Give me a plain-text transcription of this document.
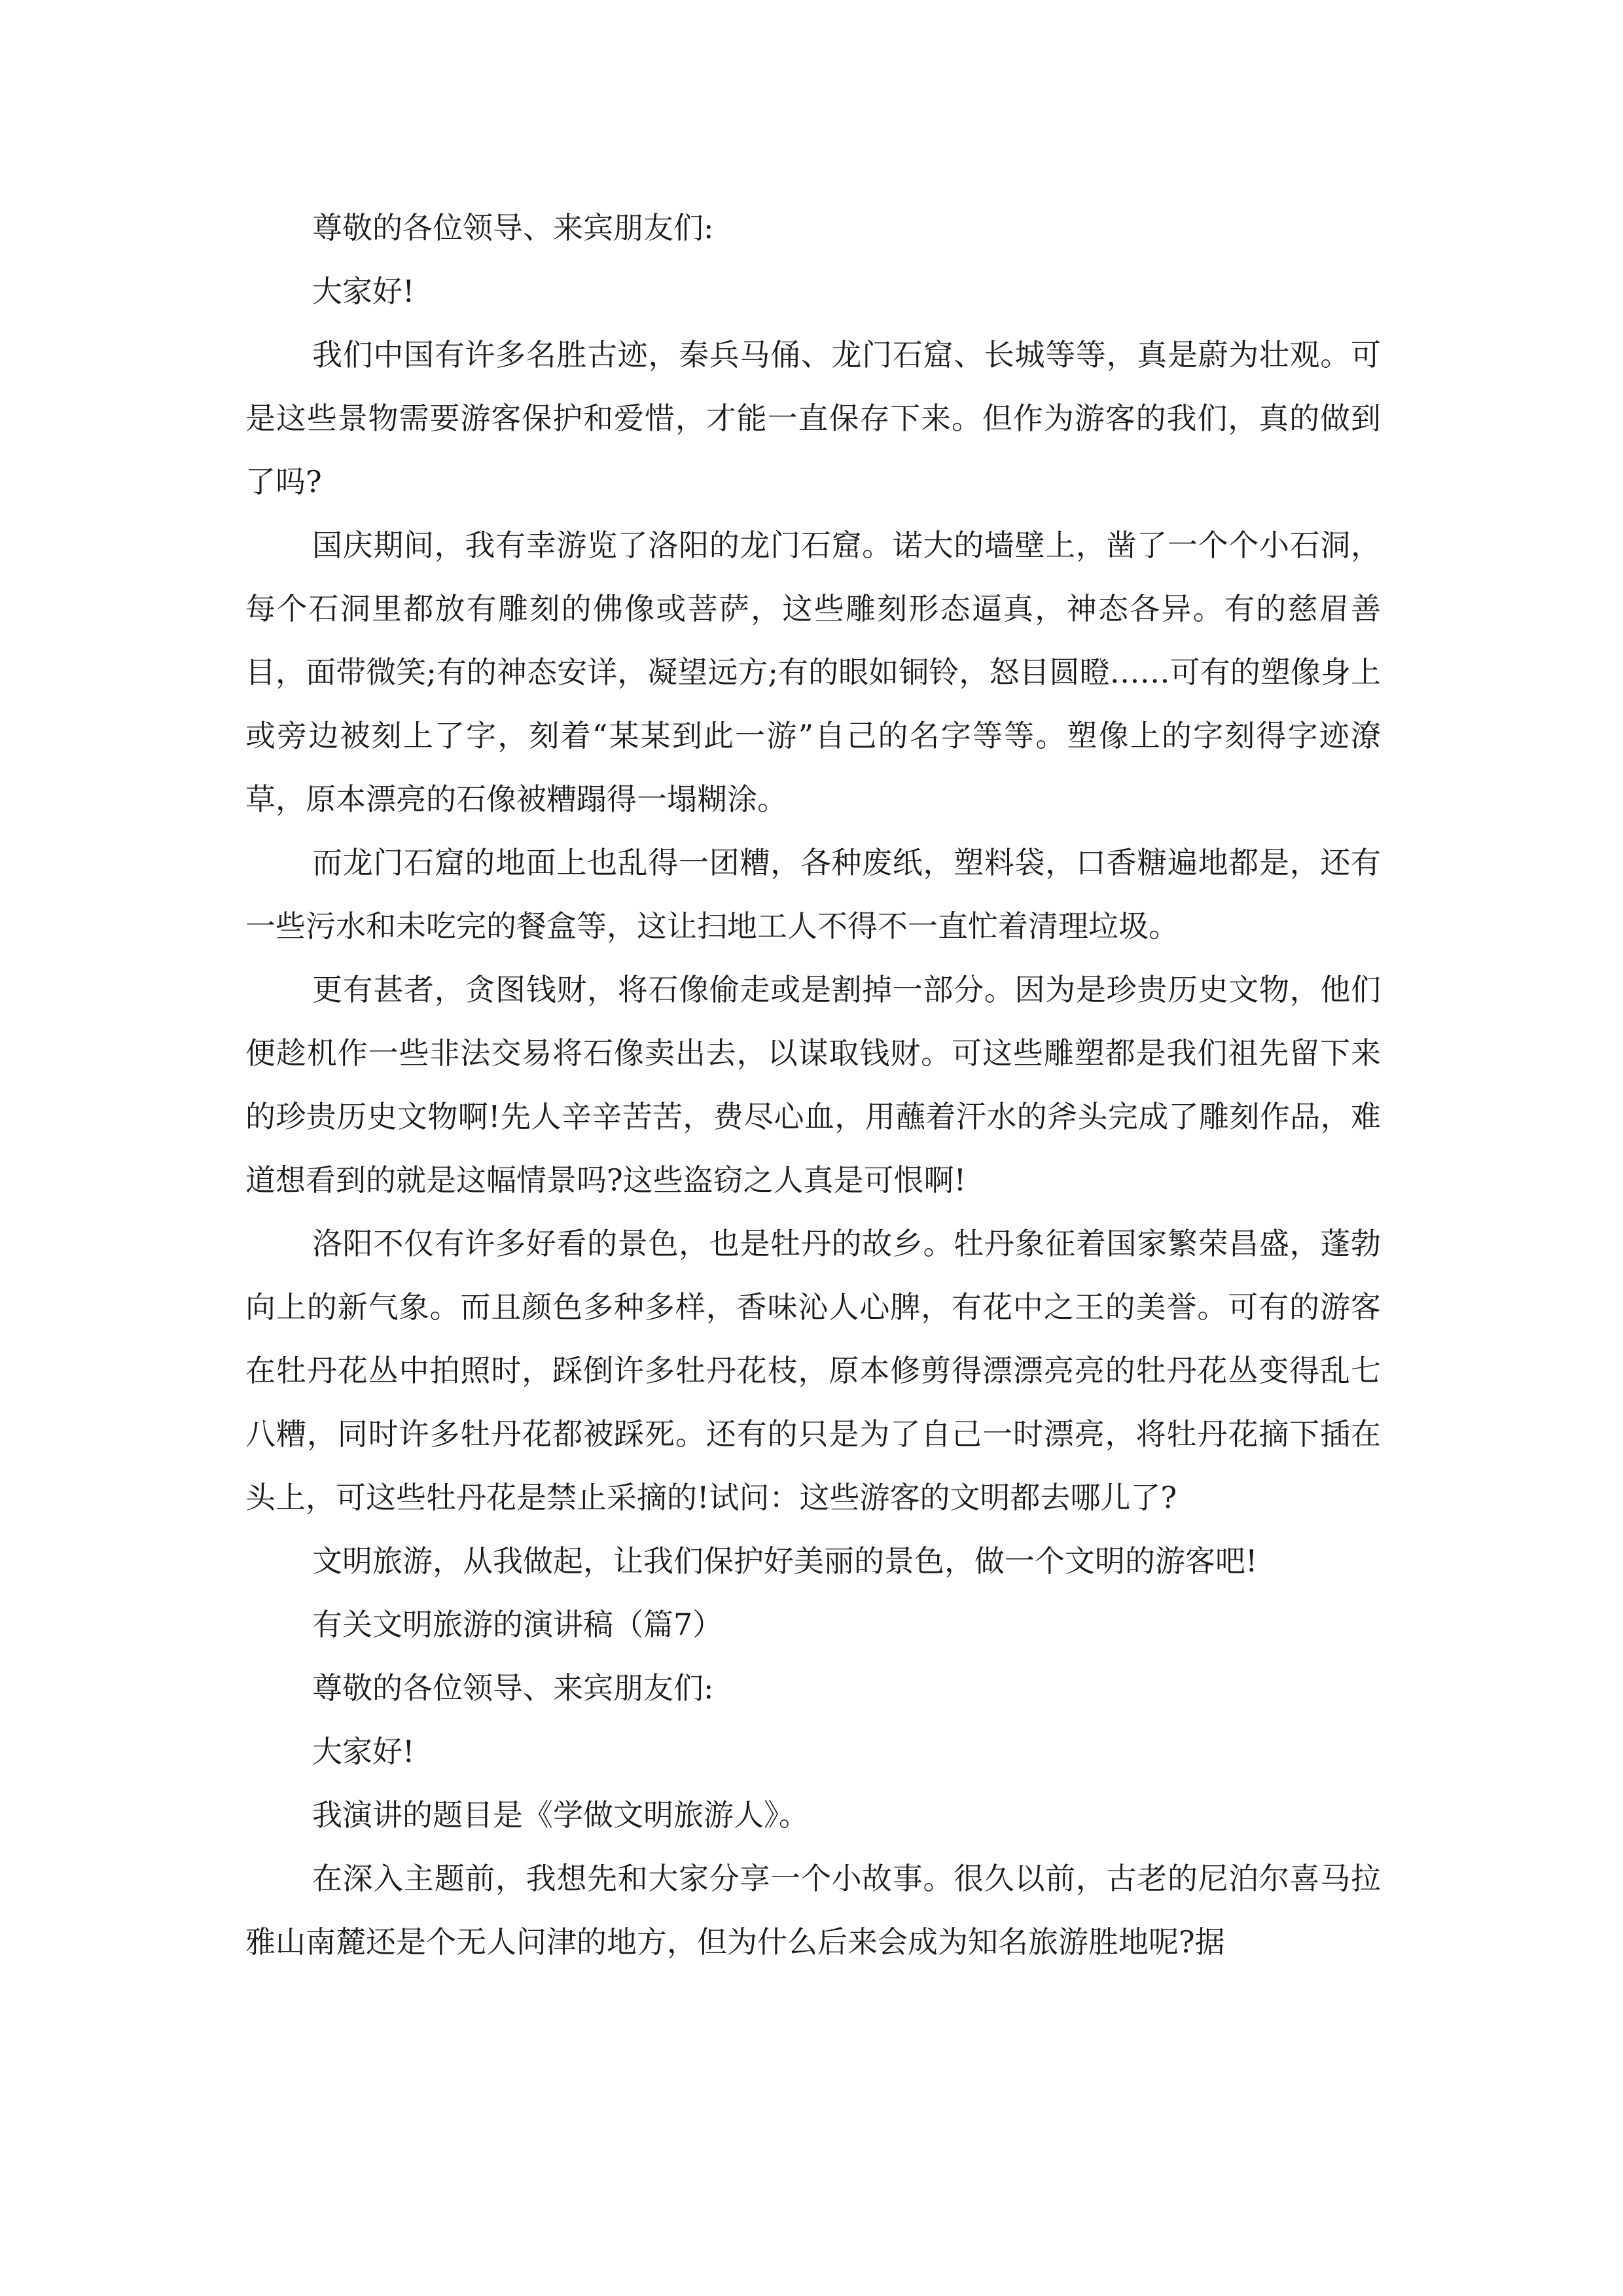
尊敬的各位领导、来宾朋友们:

大家好!

我们中国有许多名胜古迹，秦兵马俑、龙门石窟、长城等等，真是蔚为壮观。可是这些景物需要游客保护和爱惜，才能一直保存下来。但作为游客的我们，真的做到了吗?

国庆期间，我有幸游览了洛阳的龙门石窟。诺大的墙壁上，凿了一个个小石洞，每个石洞里都放有雕刻的佛像或菩萨，这些雕刻形态逼真，神态各异。有的慈眉善目，面带微笑;有的神态安详，凝望远方;有的眼如铜铃，怒目圆瞪……可有的塑像身上或旁边被刻上了字，刻着“某某到此一游”自己的名字等等。塑像上的字刻得字迹潦草，原本漂亮的石像被糟蹋得一塌糊涂。

而龙门石窟的地面上也乱得一团糟，各种废纸，塑料袋，口香糖遍地都是，还有一些污水和未吃完的餐盒等，这让扫地工人不得不一直忙着清理垃圾。

更有甚者，贪图钱财，将石像偷走或是割掉一部分。因为是珍贵历史文物，他们便趁机作一些非法交易将石像卖出去，以谋取钱财。可这些雕塑都是我们祖先留下来的珍贵历史文物啊!先人辛辛苦苦，费尽心血，用蘸着汗水的斧头完成了雕刻作品，难道想看到的就是这幅情景吗?这些盗窃之人真是可恨啊!

洛阳不仅有许多好看的景色，也是牡丹的故乡。牡丹象征着国家繁荣昌盛，蓬勃向上的新气象。而且颜色多种多样，香味沁人心脾，有花中之王的美誉。可有的游客在牡丹花丛中拍照时，踩倒许多牡丹花枝，原本修剪得漂漂亮亮的牡丹花丛变得乱七八糟，同时许多牡丹花都被踩死。还有的只是为了自己一时漂亮，将牡丹花摘下插在头上，可这些牡丹花是禁止采摘的!试问：这些游客的文明都去哪儿了?

文明旅游，从我做起，让我们保护好美丽的景色，做一个文明的游客吧!

有关文明旅游的演讲稿（篇7）

尊敬的各位领导、来宾朋友们:

大家好!

我演讲的题目是《学做文明旅游人》。

在深入主题前，我想先和大家分享一个小故事。很久以前，古老的尼泊尔喜马拉雅山南麓还是个无人问津的地方，但为什么后来会成为知名旅游胜地呢?据
